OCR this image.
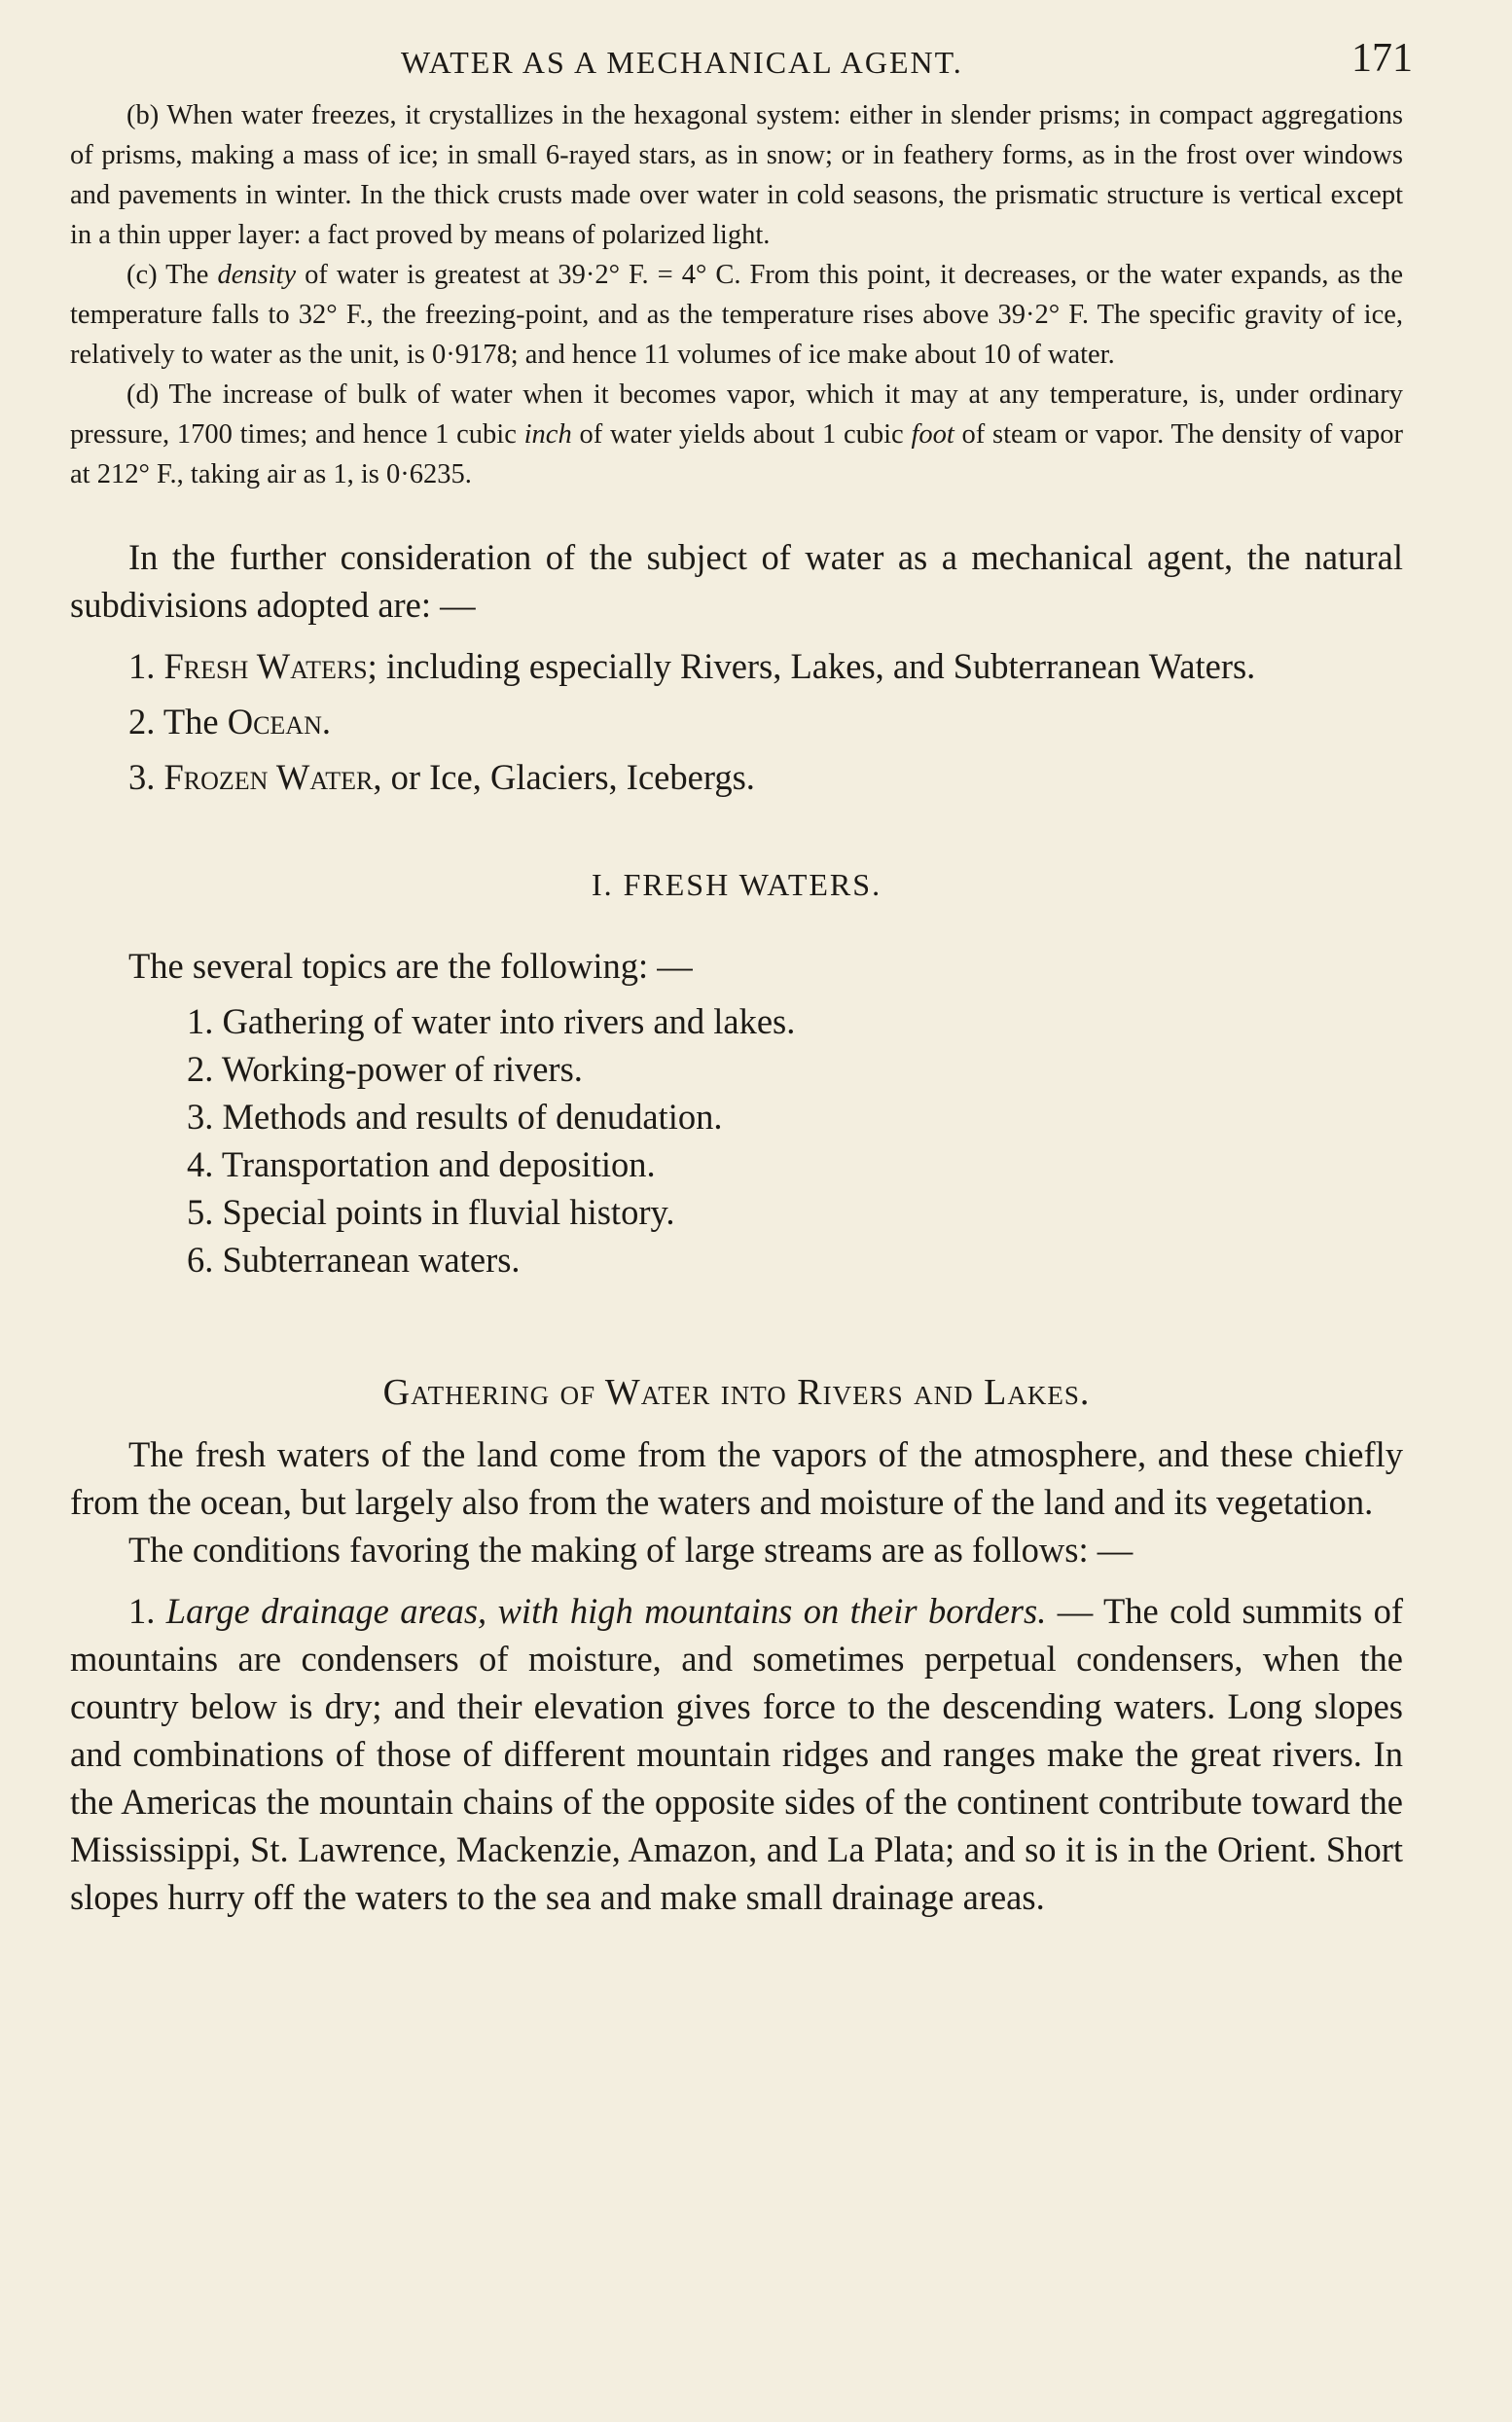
WATER AS A MECHANICAL AGENT.	171

(b) When water freezes, it crystallizes in the hexagonal system: either in slender prisms; in compact aggregations of prisms, making a mass of ice; in small 6-rayed stars, as in snow; or in feathery forms, as in the frost over windows and pavements in winter. In the thick crusts made over water in cold seasons, the prismatic structure is vertical except in a thin upper layer: a fact proved by means of polarized light.

(c) The density of water is greatest at 39·2° F. = 4° C. From this point, it decreases, or the water expands, as the temperature falls to 32° F., the freezing-point, and as the temperature rises above 39·2° F. The specific gravity of ice, relatively to water as the unit, is 0·9178; and hence 11 volumes of ice make about 10 of water.

(d) The increase of bulk of water when it becomes vapor, which it may at any temperature, is, under ordinary pressure, 1700 times; and hence 1 cubic inch of water yields about 1 cubic foot of steam or vapor. The density of vapor at 212° F., taking air as 1, is 0·6235.

In the further consideration of the subject of water as a mechanical agent, the natural subdivisions adopted are: —

1. Fresh Waters; including especially Rivers, Lakes, and Subterranean Waters.

2. The Ocean.

3. Frozen Water, or Ice, Glaciers, Icebergs.

I. FRESH WATERS.

The several topics are the following: —

1. Gathering of water into rivers and lakes.

2. Working-power of rivers.

3. Methods and results of denudation.

4. Transportation and deposition.

5. Special points in fluvial history.

6. Subterranean waters.

Gathering of Water into Rivers and Lakes.

The fresh waters of the land come from the vapors of the atmosphere, and these chiefly from the ocean, but largely also from the waters and moisture of the land and its vegetation.

The conditions favoring the making of large streams are as follows: —

1. Large drainage areas, with high mountains on their borders. — The cold summits of mountains are condensers of moisture, and sometimes perpetual condensers, when the country below is dry; and their elevation gives force to the descending waters. Long slopes and combinations of those of different mountain ridges and ranges make the great rivers. In the Americas the mountain chains of the opposite sides of the continent contribute toward the Mississippi, St. Lawrence, Mackenzie, Amazon, and La Plata; and so it is in the Orient. Short slopes hurry off the waters to the sea and make small drainage areas.
